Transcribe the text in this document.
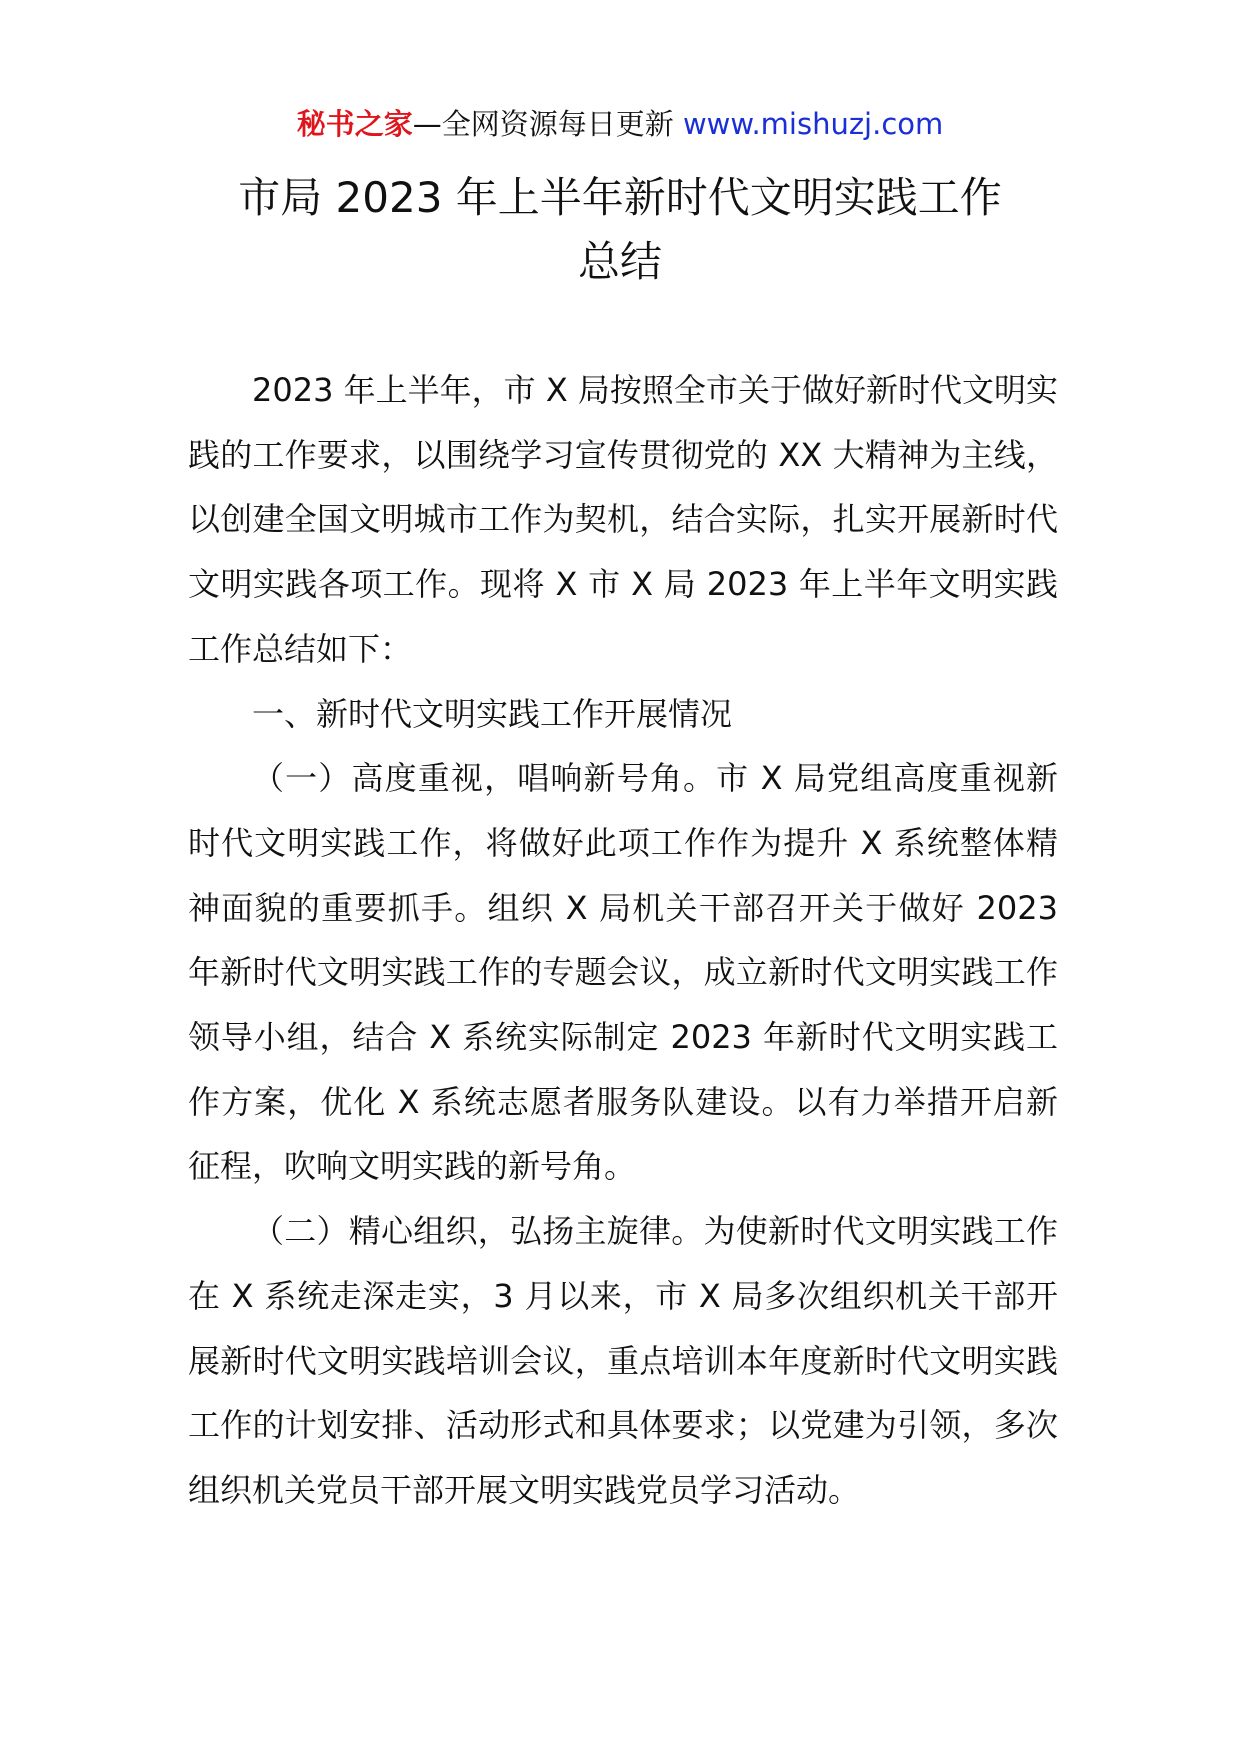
秘书之家—全网资源每日更新 www.mishuzj.com
市局 2023 年上半年新时代文明实践工作
总结

2023 年上半年，市 X 局按照全市关于做好新时代文明实践的工作要求，以围绕学习宣传贯彻党的 XX 大精神为主线，以创建全国文明城市工作为契机，结合实际，扎实开展新时代文明实践各项工作。现将 X 市 X 局 2023 年上半年文明实践工作总结如下：

一、新时代文明实践工作开展情况

（一）高度重视，唱响新号角。市 X 局党组高度重视新时代文明实践工作，将做好此项工作作为提升 X 系统整体精神面貌的重要抓手。组织 X 局机关干部召开关于做好 2023 年新时代文明实践工作的专题会议，成立新时代文明实践工作领导小组，结合 X 系统实际制定 2023 年新时代文明实践工作方案，优化 X 系统志愿者服务队建设。以有力举措开启新征程，吹响文明实践的新号角。

（二）精心组织，弘扬主旋律。为使新时代文明实践工作在 X 系统走深走实，3 月以来，市 X 局多次组织机关干部开展新时代文明实践培训会议，重点培训本年度新时代文明实践工作的计划安排、活动形式和具体要求；以党建为引领，多次组织机关党员干部开展文明实践党员学习活动。
